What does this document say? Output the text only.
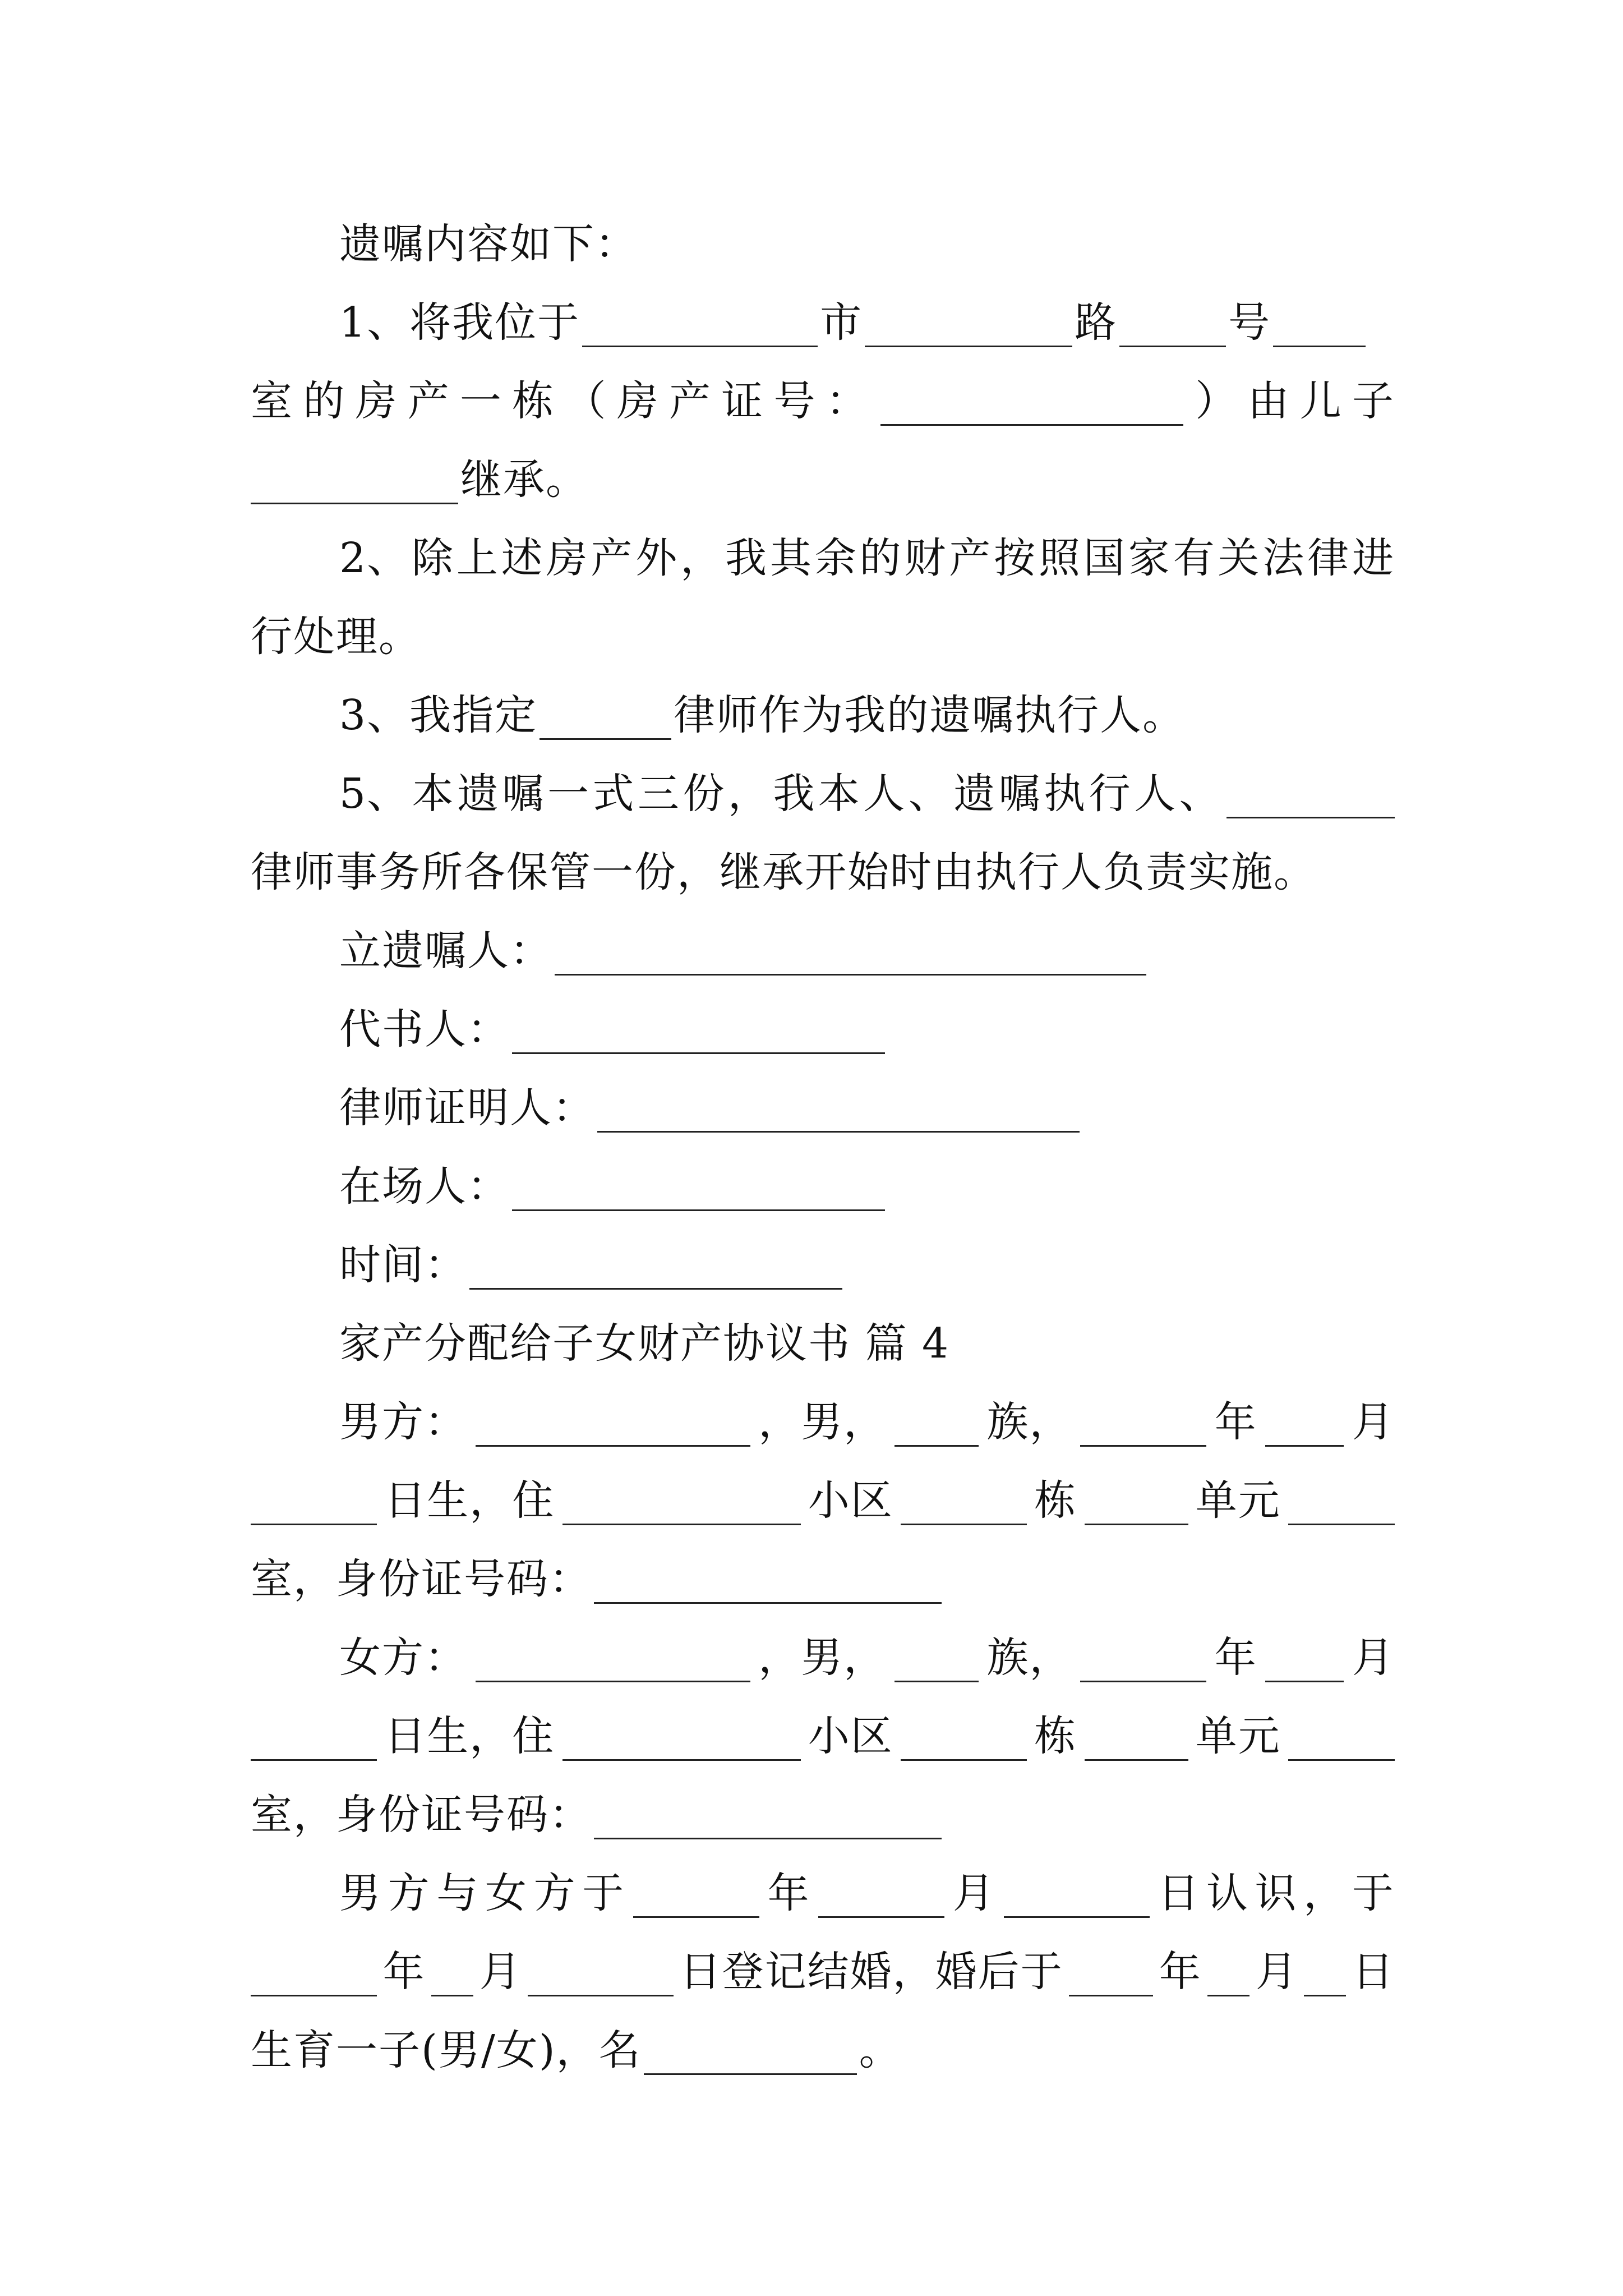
遗嘱内容如下：
1、将我位于	市	路	号
室 的 房 产 一 栋 （ 房 产 证 号 ：	） 由 儿 子
继承。
2、 除 上 述 房 产 外 ， 我 其 余 的 财 产 按 照 国 家 有 关 法 律 进
行处理。
3、我指定	律师作为我的遗嘱执行人。
5、 本 遗 嘱 一 式 三 份 ， 我 本 人 、 遗 嘱 执 行 人 、
律师事务所各保管一份，继承开始时由执行人负责实施。
立遗嘱人：
代书人：
律师证明人：
在场人：
时间：
家产分配给子女财产协议书 篇 4
男方：	，男， 族，	年 月
日生，住	小区	栋	单元
室，身份证号码：
女方：	，男， 族，	年 月
日生，住	小区	栋	单元
室，身份证号码：
男 方 与 女 方 于	年	月	日 认 识 ， 于
年 月	日登记结婚，婚后于 年 月 日
生育一子(男/女)，名	。
